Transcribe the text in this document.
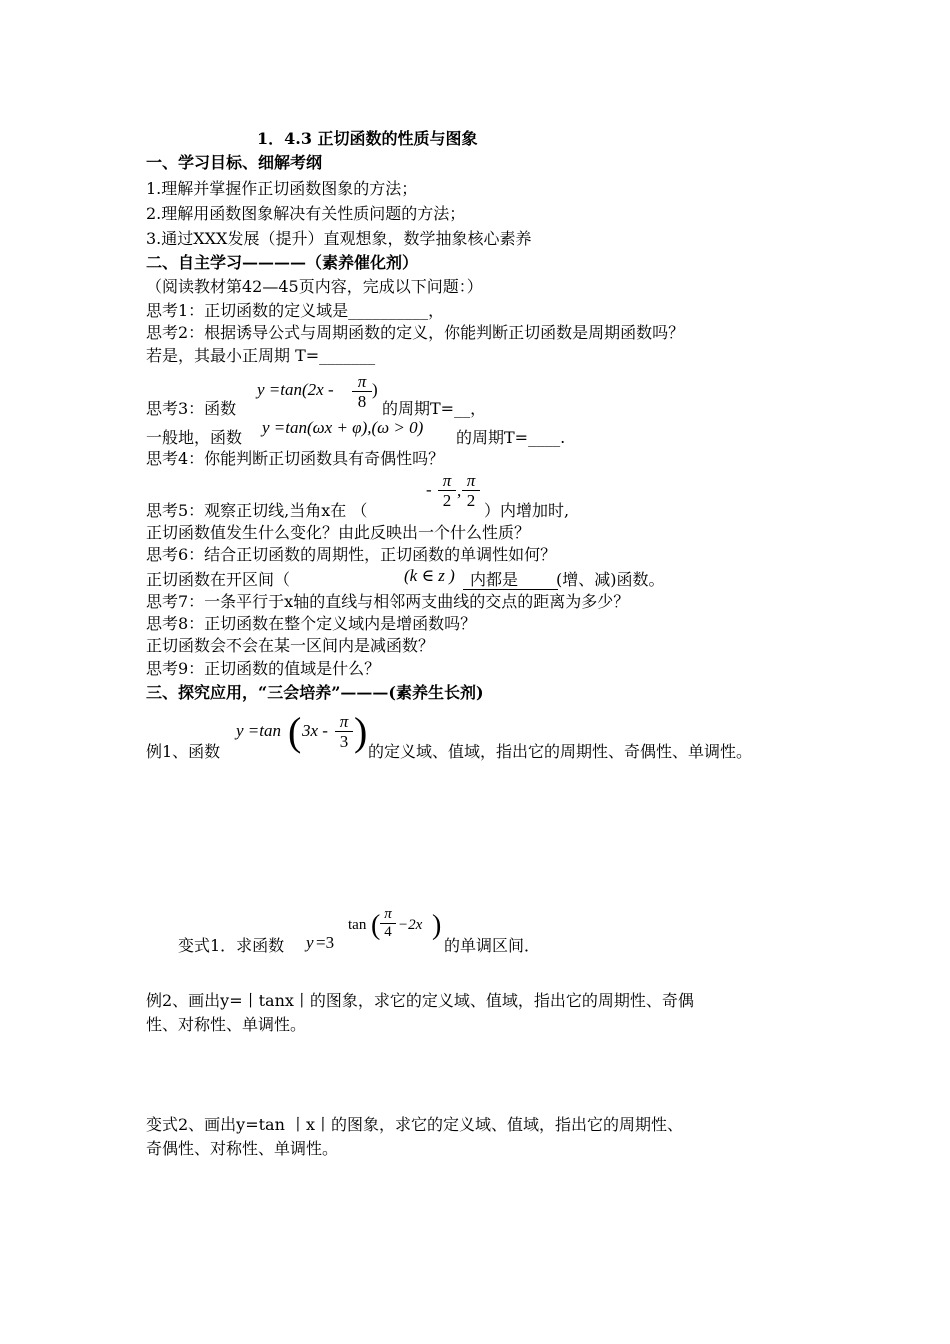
1．4.3 正切函数的性质与图象
一、学习目标、细解考纲
1.理解并掌握作正切函数图象的方法；
2.理解用函数图象解决有关性质问题的方法；
3.通过XXX发展（提升）直观想象，数学抽象核心素养
二、自主学习————（素养催化剂）
（阅读教材第42—45页内容，完成以下问题：）
思考1：正切函数的定义域是__________，
思考2：根据诱导公式与周期函数的定义，你能判断正切函数是周期函数吗？
若是，其最小正周期 T=_______
思考3：函数
y =tan(2x -	π
8
)
的周期T=__，
一般地，函数
y =tan(ωx + φ),(ω > 0)
的周期T=____.
思考4：你能判断正切函数具有奇偶性吗？
思考5：观察正切线,当角x在 （
- π
2
,
π
2
）内增加时,
正切函数值发生什么变化？由此反映出一个什么性质？
思考6：结合正切函数的周期性，正切函数的单调性如何？
正切函数在开区间（	(k ∈ z ) 内都是 (增、减)函数。
思考7：一条平行于x轴的直线与相邻两支曲线的交点的距离为多少？
思考8：正切函数在整个定义域内是增函数吗？
正切函数会不会在某一区间内是减函数？
思考9：正切函数的值域是什么？
三、探究应用，“三会培养”———(素养生长剂)
例1、函数
y =tan ( 3x - π
3 ) 的定义域、值域，指出它的周期性、奇偶性、单调性。
变式1．求函数 y =3
tan ( π
4 −2x )
的单调区间．
例2、画出y=丨tanx丨的图象，求它的定义域、值域，指出它的周期性、奇偶
性、对称性、单调性。
变式2、画出y=tan 丨x丨的图象，求它的定义域、值域，指出它的周期性、
奇偶性、对称性、单调性。
